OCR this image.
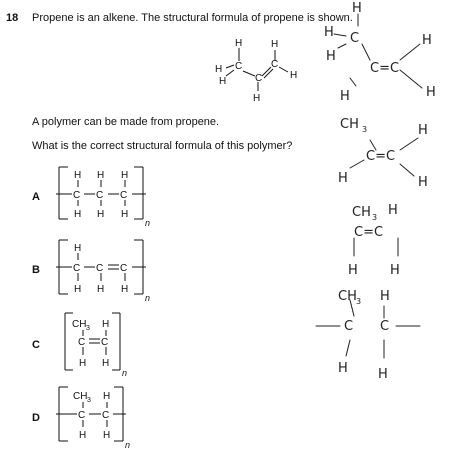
18 Propene is an alkene. The structural formula of propene is shown.
A polymer can be made from propene.
What is the correct structural formula of this polymer?
A
B
C
D
H	H
H C	C
H	C	H
H
H H H
C C C
H H H
n
H
C C C
H H H
n
CH 3 H
C C
H H
n
CH 3 H
C C
H H
n
H
H C
H
C=C
H
H
H
CH 3	H
C=C
H	H
CH 3 H
C=C
H H
CH 3 H
C C
H H
